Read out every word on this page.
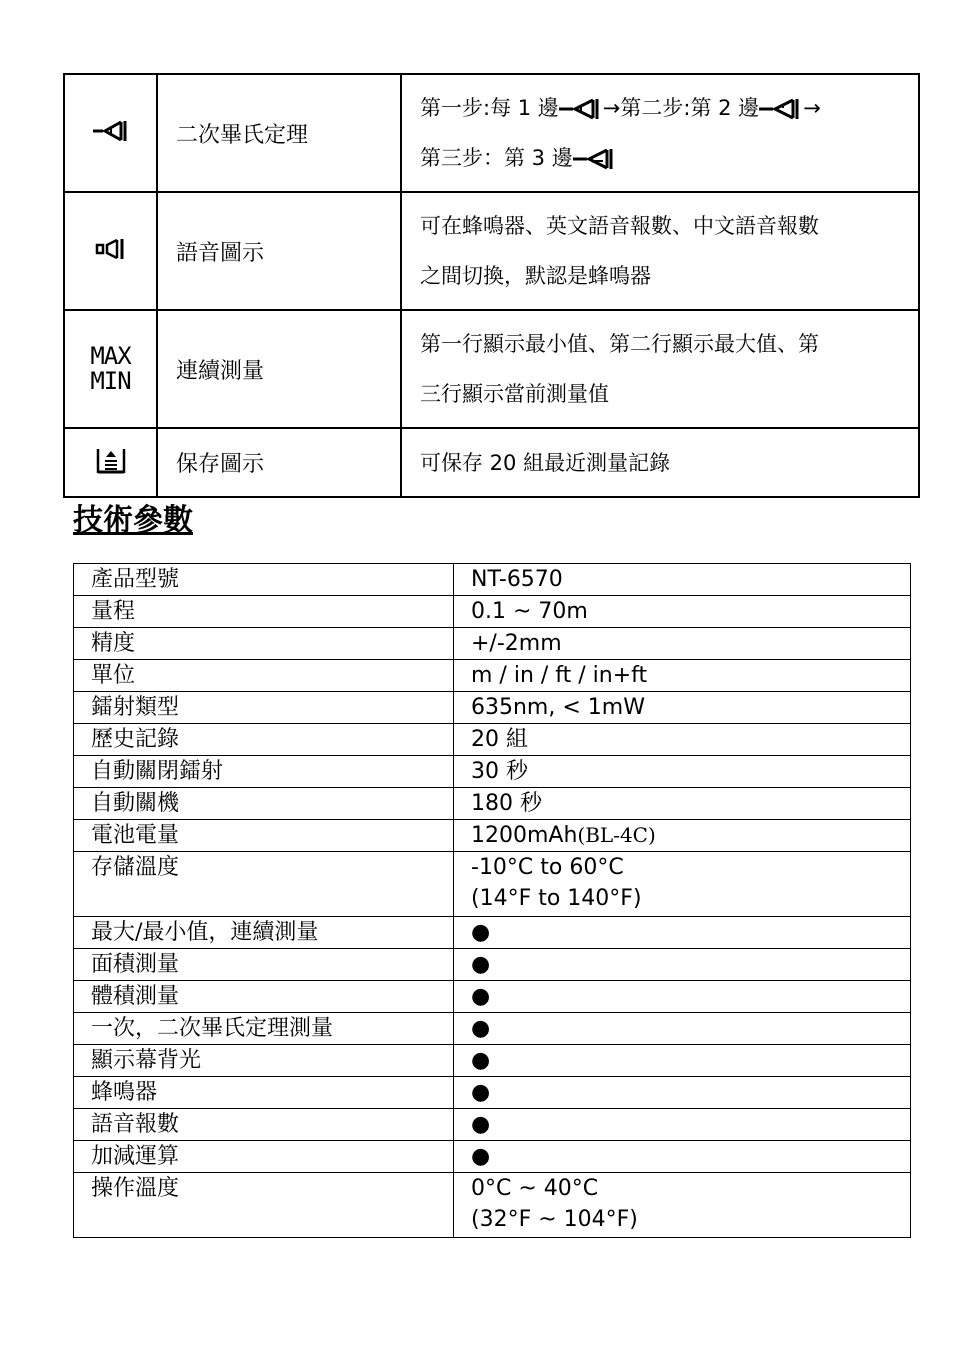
	二次畢氏定理	第一步:每 1 邊 →第二步:第 2 邊 →
第三步：第 3 邊
	語音圖示	可在蜂鳴器、英文語音報數、中文語音報數
之間切換，默認是蜂鳴器
MAX
MIN	連續測量	第一行顯示最小值、第二行顯示最大值、第
三行顯示當前測量值
	保存圖示	可保存 20 組最近測量記錄
技術參數
產品型號	NT-6570
量程	0.1 ~ 70m
精度	+/-2mm
單位	m / in / ft / in+ft
鐳射類型	635nm, < 1mW
歷史記錄	20 組
自動關閉鐳射	30 秒
自動關機	180 秒
電池電量	1200mAh(BL-4C)
存儲溫度	-10°C to 60°C
(14°F to 140°F)
最大/最小值，連續測量	●
面積測量	●
體積測量	●
一次，二次畢氏定理測量	●
顯示幕背光	●
蜂鳴器	●
語音報數	●
加減運算	●
操作溫度	0°C ~ 40°C
(32°F ~ 104°F)
